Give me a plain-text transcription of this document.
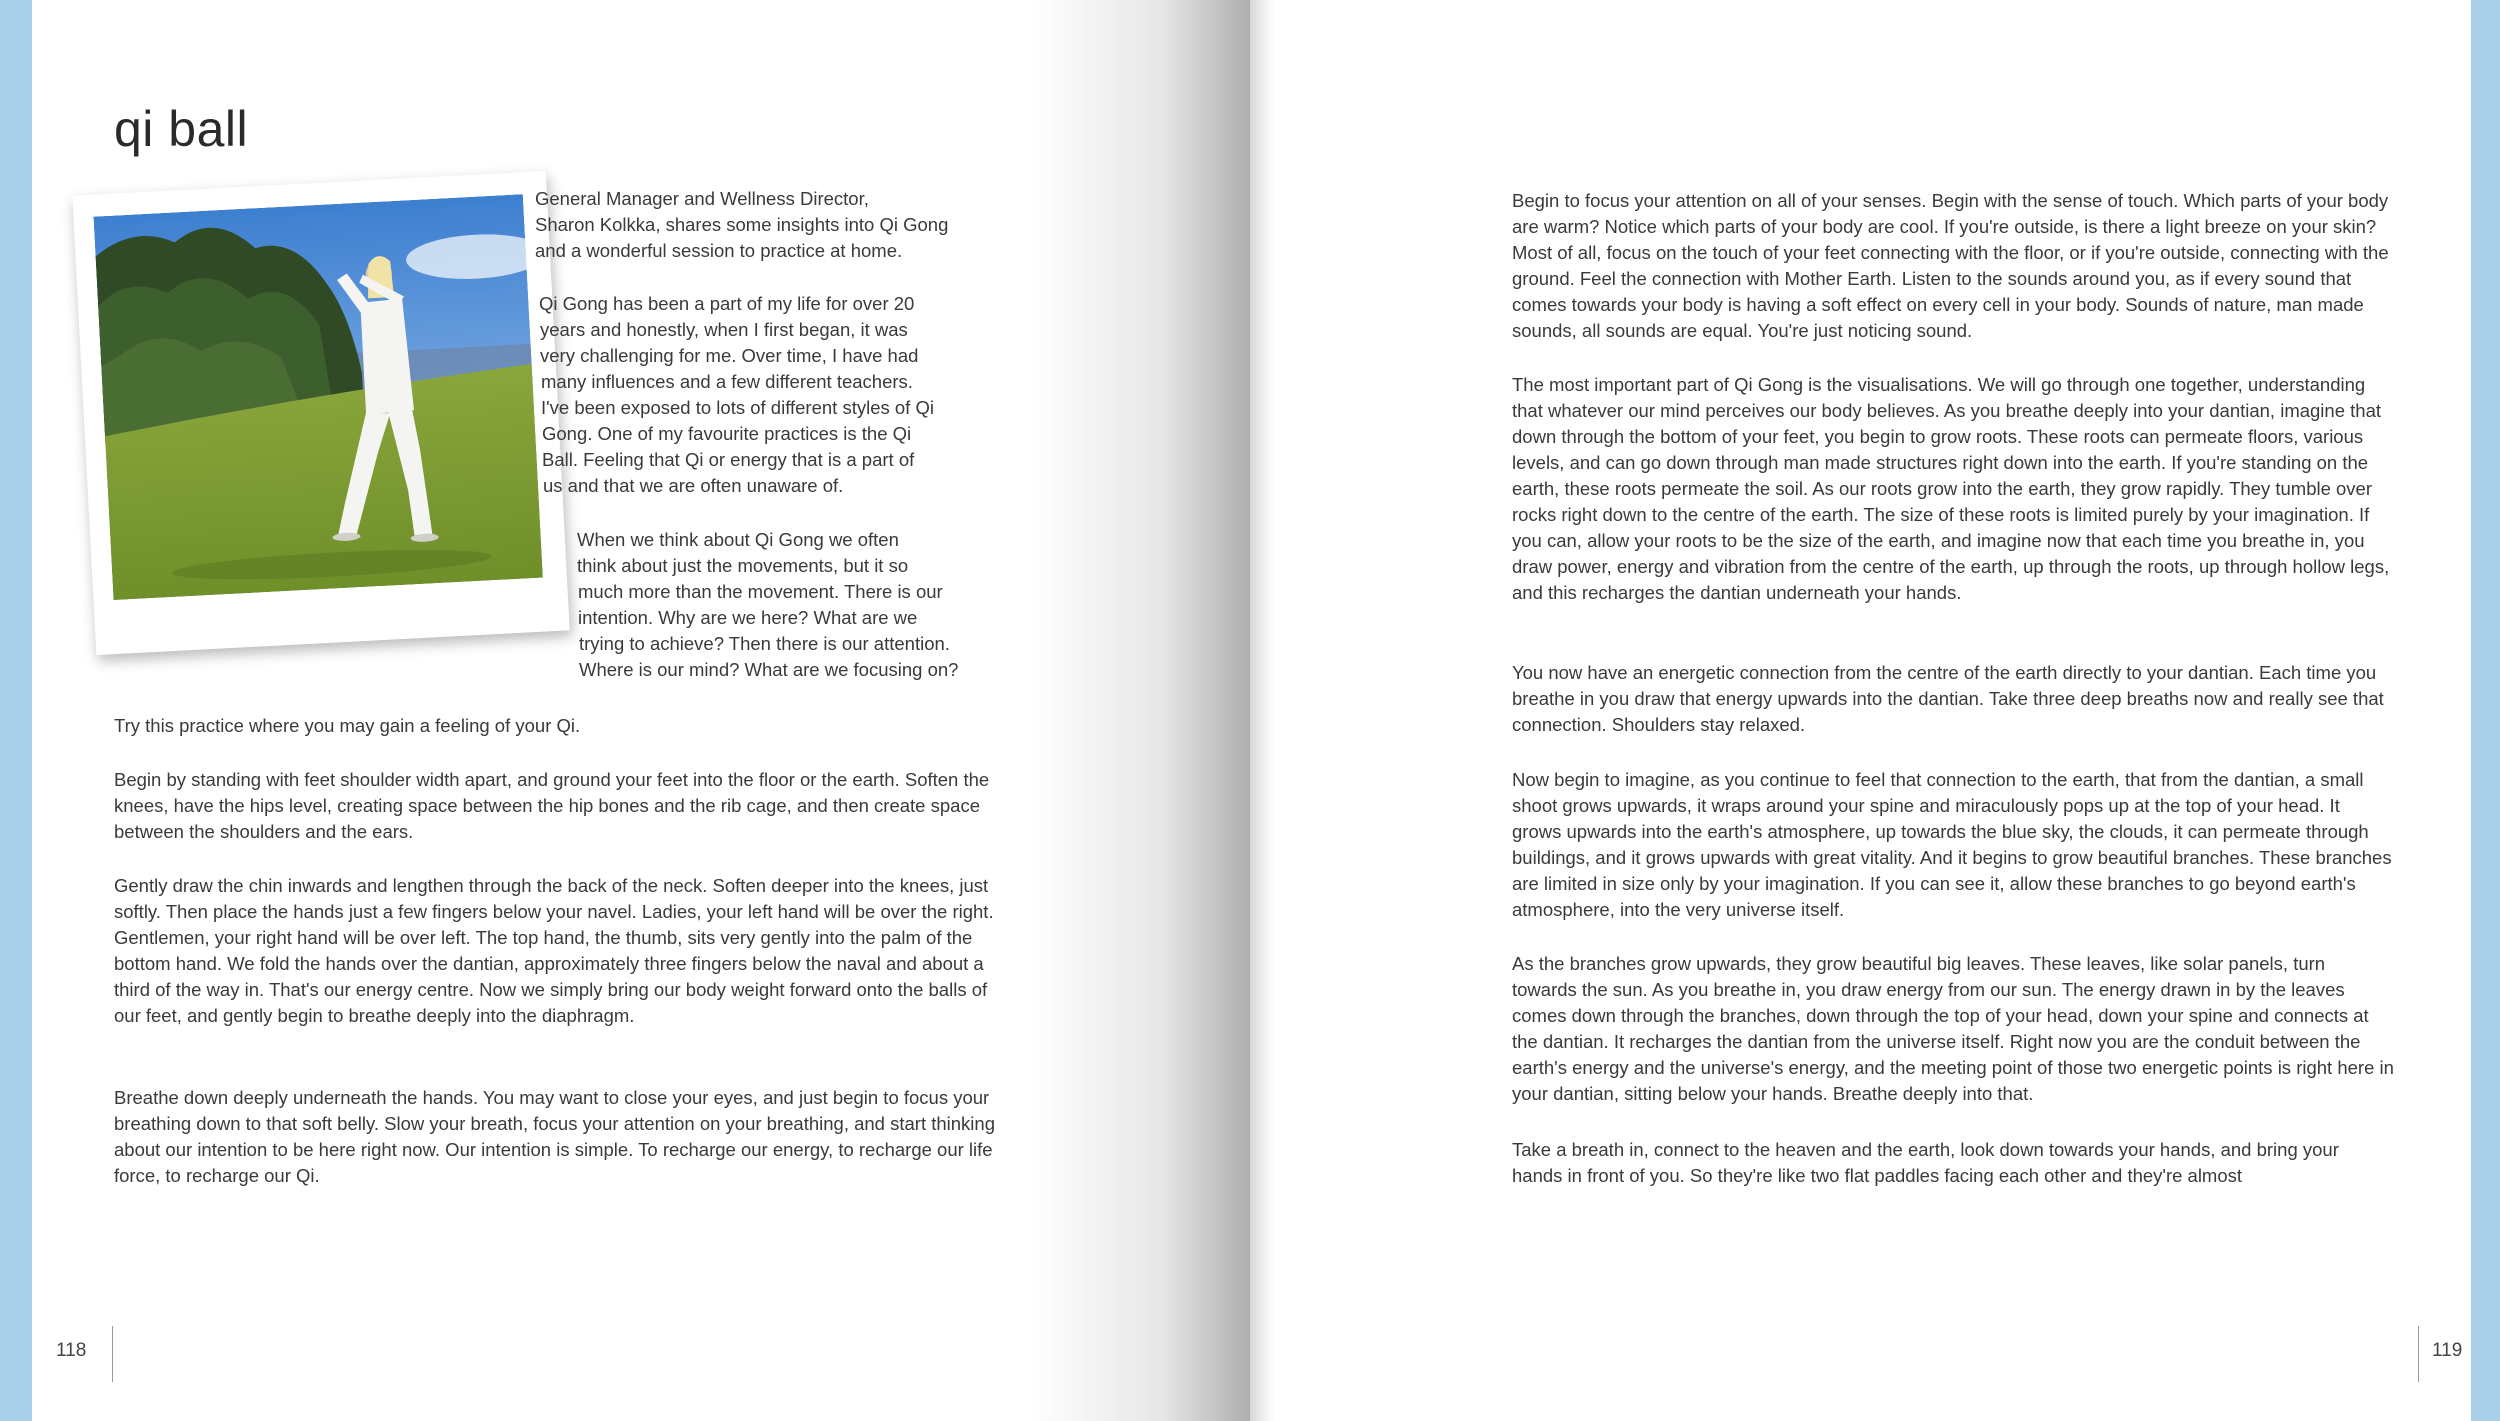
qi ball
General Manager and Wellness Director,
Sharon Kolkka, shares some insights into Qi Gong
and a wonderful session to practice at home.
Qi Gong has been a part of my life for over 20
years and honestly, when I first began, it was
very challenging for me. Over time, I have had
many influences and a few different teachers.
I've been exposed to lots of different styles of Qi
Gong. One of my favourite practices is the Qi
Ball. Feeling that Qi or energy that is a part of
us and that we are often unaware of.
When we think about Qi Gong we often
think about just the movements, but it so
much more than the movement. There is our
intention. Why are we here? What are we
trying to achieve? Then there is our attention.
Where is our mind? What are we focusing on?

Try this practice where you may gain a feeling of your Qi.

Begin by standing with feet shoulder width apart, and ground your feet into the floor or the earth. Soften the knees, have the hips level, creating space between the hip bones and the rib cage, and then create space between the shoulders and the ears.

Gently draw the chin inwards and lengthen through the back of the neck. Soften deeper into the knees, just softly. Then place the hands just a few fingers below your navel. Ladies, your left hand will be over the right. Gentlemen, your right hand will be over left. The top hand, the thumb, sits very gently into the palm of the bottom hand. We fold the hands over the dantian, approximately three fingers below the naval and about a third of the way in. That's our energy centre. Now we simply bring our body weight forward onto the balls of our feet, and gently begin to breathe deeply into the diaphragm.

Breathe down deeply underneath the hands. You may want to close your eyes, and just begin to focus your breathing down to that soft belly. Slow your breath, focus your attention on your breathing, and start thinking about our intention to be here right now. Our intention is simple. To recharge our energy, to recharge our life force, to recharge our Qi.

118

Begin to focus your attention on all of your senses. Begin with the sense of touch. Which parts of your body are warm? Notice which parts of your body are cool. If you're outside, is there a light breeze on your skin? Most of all, focus on the touch of your feet connecting with the floor, or if you're outside, connecting with the ground. Feel the connection with Mother Earth. Listen to the sounds around you, as if every sound that comes towards your body is having a soft effect on every cell in your body. Sounds of nature, man made sounds, all sounds are equal. You're just noticing sound.

The most important part of Qi Gong is the visualisations. We will go through one together, understanding that whatever our mind perceives our body believes. As you breathe deeply into your dantian, imagine that down through the bottom of your feet, you begin to grow roots. These roots can permeate floors, various levels, and can go down through man made structures right down into the earth. If you're standing on the earth, these roots permeate the soil. As our roots grow into the earth, they grow rapidly. They tumble over rocks right down to the centre of the earth. The size of these roots is limited purely by your imagination. If you can, allow your roots to be the size of the earth, and imagine now that each time you breathe in, you draw power, energy and vibration from the centre of the earth, up through the roots, up through hollow legs, and this recharges the dantian underneath your hands.

You now have an energetic connection from the centre of the earth directly to your dantian. Each time you breathe in you draw that energy upwards into the dantian. Take three deep breaths now and really see that connection. Shoulders stay relaxed.

Now begin to imagine, as you continue to feel that connection to the earth, that from the dantian, a small shoot grows upwards, it wraps around your spine and miraculously pops up at the top of your head. It grows upwards into the earth's atmosphere, up towards the blue sky, the clouds, it can permeate through buildings, and it grows upwards with great vitality. And it begins to grow beautiful branches. These branches are limited in size only by your imagination. If you can see it, allow these branches to go beyond earth's atmosphere, into the very universe itself.

As the branches grow upwards, they grow beautiful big leaves. These leaves, like solar panels, turn towards the sun. As you breathe in, you draw energy from our sun. The energy drawn in by the leaves comes down through the branches, down through the top of your head, down your spine and connects at the dantian. It recharges the dantian from the universe itself. Right now you are the conduit between the earth's energy and the universe's energy, and the meeting point of those two energetic points is right here in your dantian, sitting below your hands. Breathe deeply into that.

Take a breath in, connect to the heaven and the earth, look down towards your hands, and bring your hands in front of you. So they're like two flat paddles facing each other and they're almost

119
